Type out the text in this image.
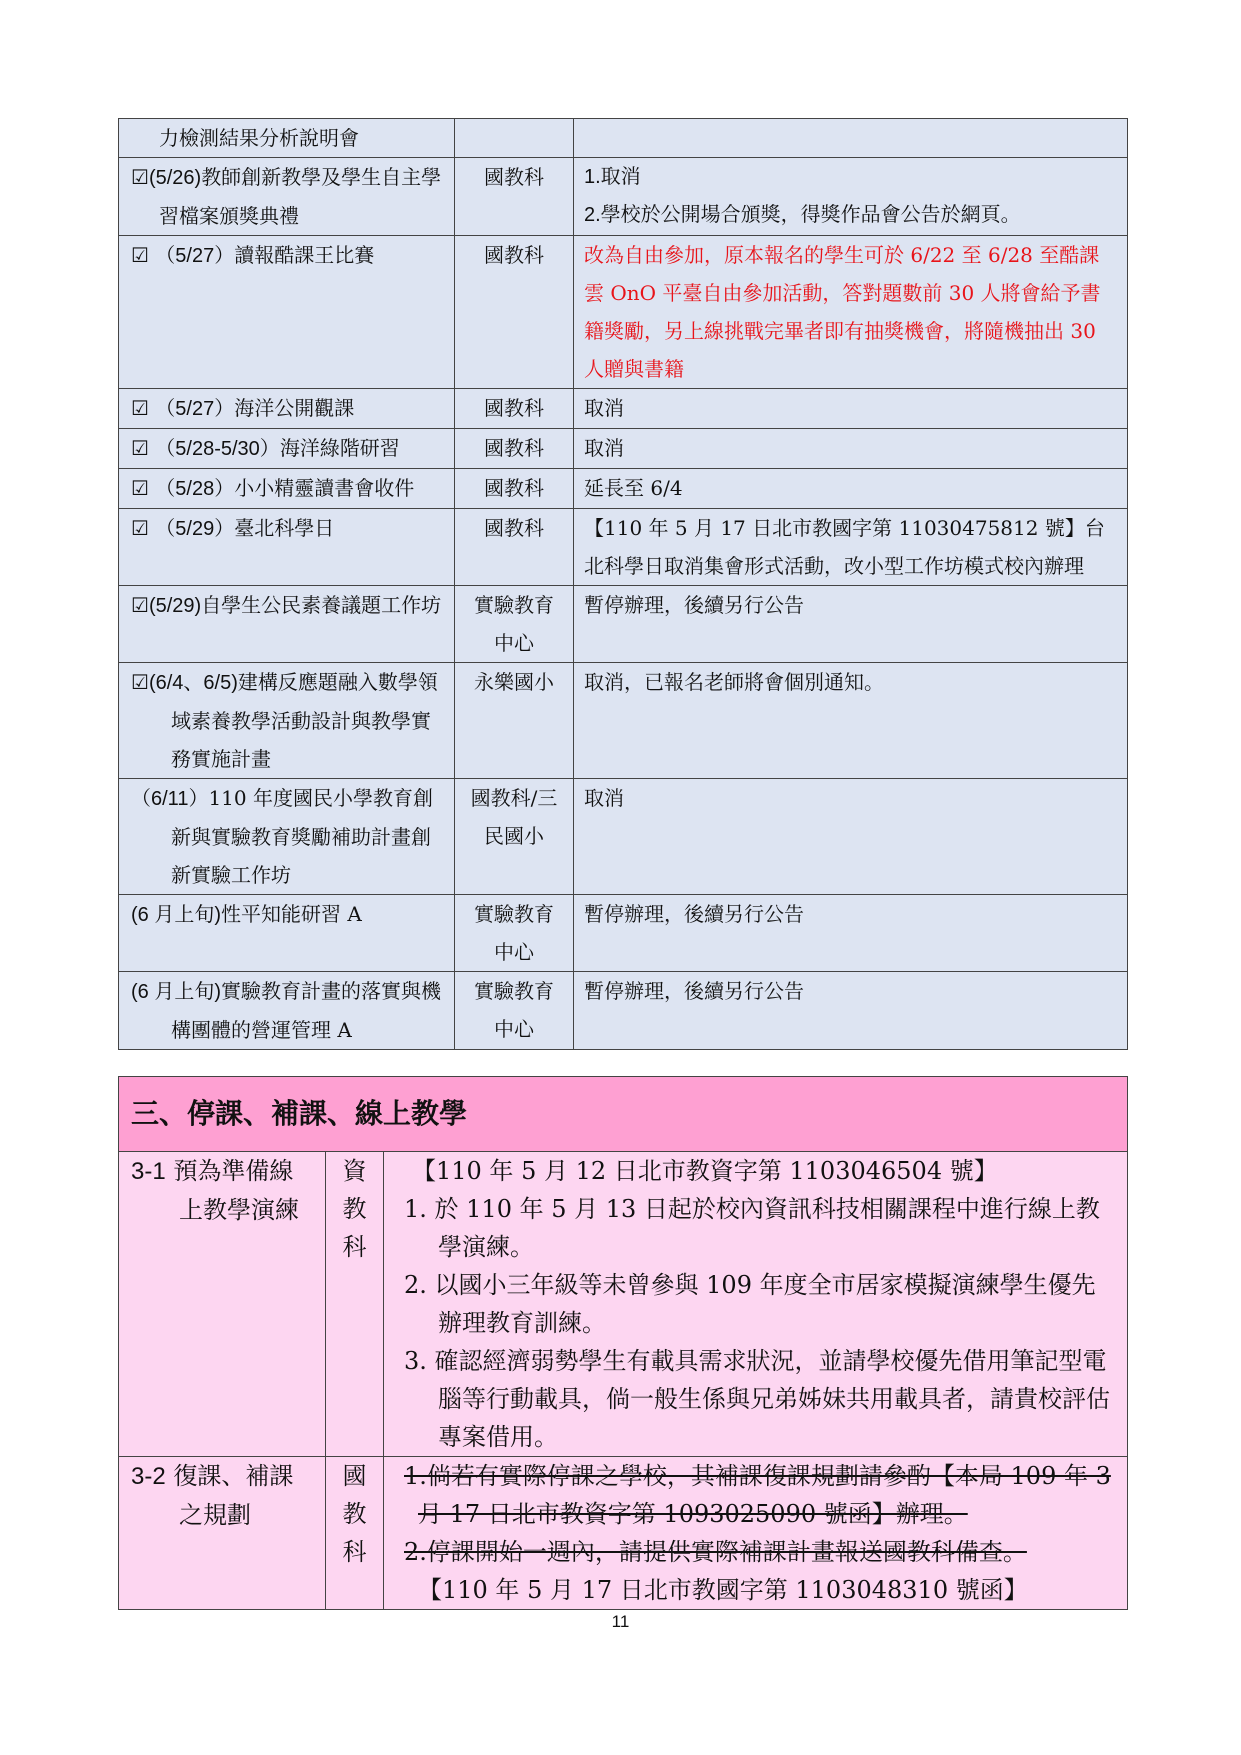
力檢測結果分析說明會		

☑(5/26)教師創新教學及學生自主學習檔案頒獎典禮	國教科	1.取消
2.學校於公開場合頒獎，得獎作品會公告於網頁。

☑ （5/27）讀報酷課王比賽	國教科	改為自由參加，原本報名的學生可於 6/22 至 6/28 至酷課雲 OnO 平臺自由參加活動，答對題數前 30 人將會給予書籍獎勵，另上線挑戰完畢者即有抽獎機會，將隨機抽出 30 人贈與書籍
☑ （5/27）海洋公開觀課	國教科	取消
☑ （5/28-5/30）海洋綠階研習	國教科	取消
☑ （5/28）小小精靈讀書會收件	國教科	延長至 6/4
☑ （5/29）臺北科學日	國教科	【110 年 5 月 17 日北市教國字第 11030475812 號】台北科學日取消集會形式活動，改小型工作坊模式校內辦理

☑(5/29)自學生公民素養議題工作坊	實驗教育中心	暫停辦理，後續另行公告

☑(6/4、6/5)建構反應題融入數學領域素養教學活動設計與教學實務實施計畫	永樂國小	取消，已報名老師將會個別通知。

（6/11）110 年度國民小學教育創新與實驗教育獎勵補助計畫創新實驗工作坊	國教科/三民國小	取消
(6 月上旬)性平知能研習 A	實驗教育中心	暫停辦理，後續另行公告

(6 月上旬)實驗教育計畫的落實與機構團體的營運管理 A	實驗教育中心	暫停辦理，後續另行公告
三、停課、補課、線上教學		

3-1 預為準備線上教學演練	資教科	【110 年 5 月 12 日北市教資字第 1103046504 號】
1. 於 110 年 5 月 13 日起於校內資訊科技相關課程中進行線上教學演練。
2. 以國小三年級等未曾參與 109 年度全市居家模擬演練學生優先辦理教育訓練。
3. 確認經濟弱勢學生有載具需求狀況，並請學校優先借用筆記型電腦等行動載具，倘一般生係與兄弟姊妹共用載具者，請貴校評估專案借用。

3-2 復課、補課之規劃	國教科	1.倘若有實際停課之學校，其補課復課規劃請參酌【本局 109 年 3 月 17 日北市教資字第 1093025090 號函】辦理。
2.停課開始一週內，請提供實際補課計畫報送國教科備查。
【110 年 5 月 17 日北市教國字第 1103048310 號函】
11
